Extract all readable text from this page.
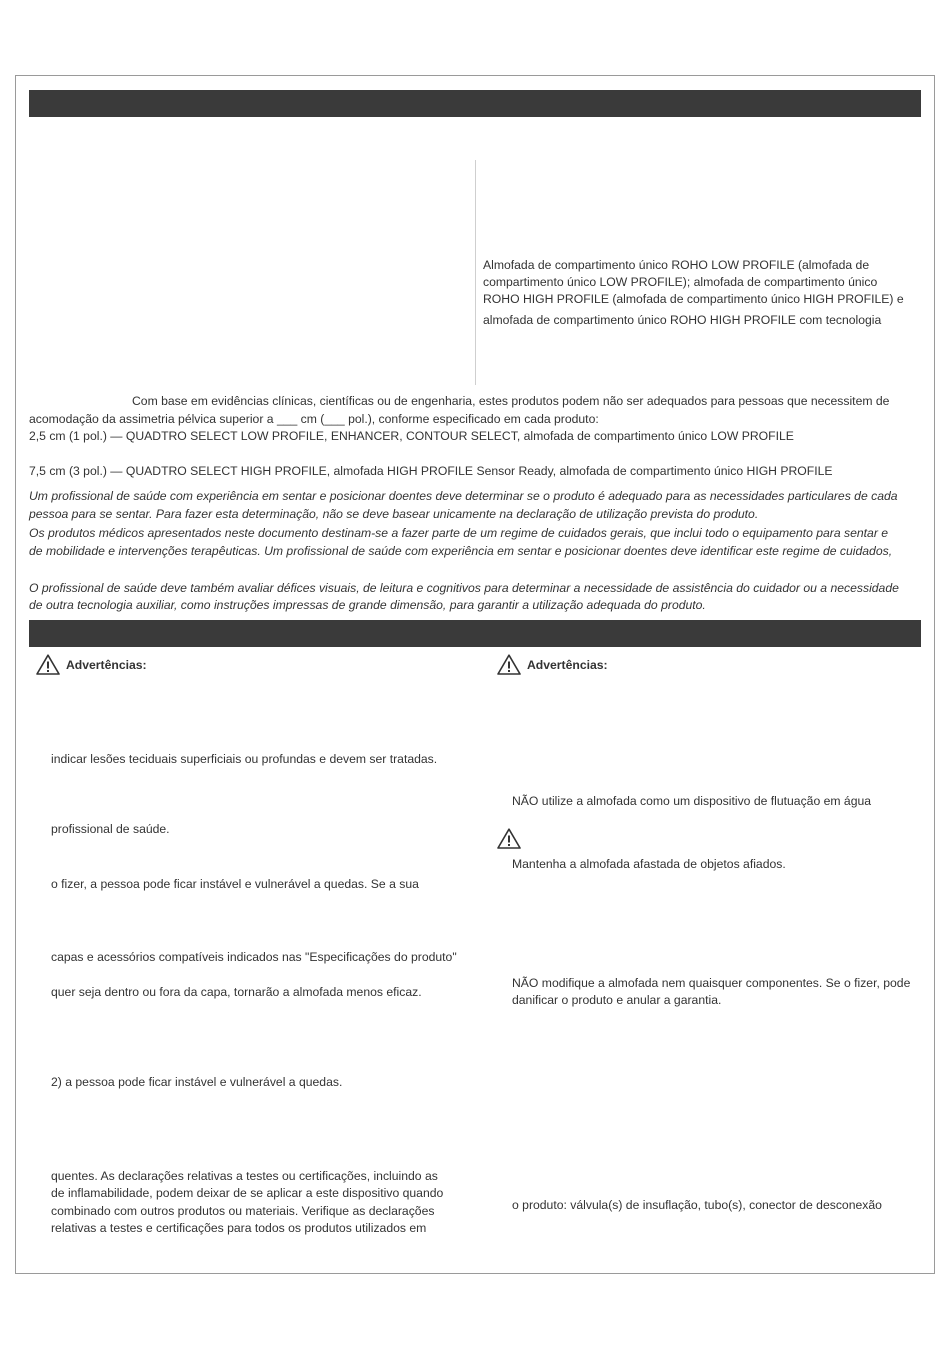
Almofada de compartimento único ROHO LOW PROFILE (almofada de

compartimento único LOW PROFILE); almofada de compartimento único

ROHO HIGH PROFILE (almofada de compartimento único HIGH PROFILE) e

almofada de compartimento único ROHO HIGH PROFILE com tecnologia

Com base em evidências clínicas, científicas ou de engenharia, estes produtos podem não ser adequados para pessoas que necessitem de

acomodação da assimetria pélvica superior a ___ cm (___ pol.), conforme especificado em cada produto:

2,5 cm (1 pol.) — QUADTRO SELECT LOW PROFILE, ENHANCER, CONTOUR SELECT, almofada de compartimento único LOW PROFILE

7,5 cm (3 pol.) — QUADTRO SELECT HIGH PROFILE, almofada HIGH PROFILE Sensor Ready, almofada de compartimento único HIGH PROFILE

Um profissional de saúde com experiência em sentar e posicionar doentes deve determinar se o produto é adequado para as necessidades particulares de cada

pessoa para se sentar. Para fazer esta determinação, não se deve basear unicamente na declaração de utilização prevista do produto.

Os produtos médicos apresentados neste documento destinam-se a fazer parte de um regime de cuidados gerais, que inclui todo o equipamento para sentar e

de mobilidade e intervenções terapêuticas. Um profissional de saúde com experiência em sentar e posicionar doentes deve identificar este regime de cuidados,

O profissional de saúde deve também avaliar défices visuais, de leitura e cognitivos para determinar a necessidade de assistência do cuidador ou a necessidade

de outra tecnologia auxiliar, como instruções impressas de grande dimensão, para garantir a utilização adequada do produto.

Advertências:

indicar lesões teciduais superficiais ou profundas e devem ser tratadas.

profissional de saúde.

o fizer, a pessoa pode ficar instável e vulnerável a quedas. Se a sua

capas e acessórios compatíveis indicados nas "Especificações do produto"

quer seja dentro ou fora da capa, tornarão a almofada menos eficaz.

2) a pessoa pode ficar instável e vulnerável a quedas.

quentes. As declarações relativas a testes ou certificações, incluindo as

de inflamabilidade, podem deixar de se aplicar a este dispositivo quando

combinado com outros produtos ou materiais. Verifique as declarações

relativas a testes e certificações para todos os produtos utilizados em

Advertências:

NÃO utilize a almofada como um dispositivo de flutuação em água

Mantenha a almofada afastada de objetos afiados.

NÃO modifique a almofada nem quaisquer componentes. Se o fizer, pode

danificar o produto e anular a garantia.

o produto: válvula(s) de insuflação, tubo(s), conector de desconexão
